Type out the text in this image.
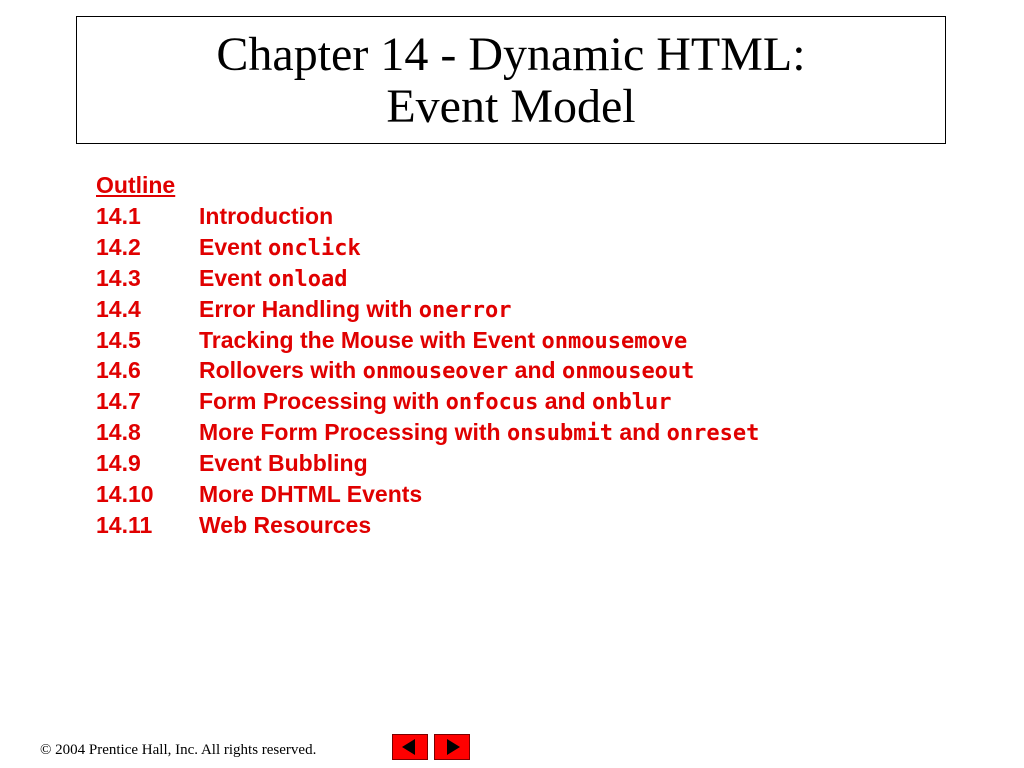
Chapter 14 - Dynamic HTML:
Event Model
Outline
14.1	Introduction
14.2	Event onclick
14.3	Event onload
14.4	Error Handling with onerror
14.5	Tracking the Mouse with Event onmousemove
14.6	Rollovers with onmouseover and onmouseout
14.7	Form Processing with onfocus and onblur
14.8	More Form Processing with onsubmit and onreset
14.9	Event Bubbling
14.10	More DHTML Events
14.11	Web Resources
© 2004 Prentice Hall, Inc. All rights reserved.
